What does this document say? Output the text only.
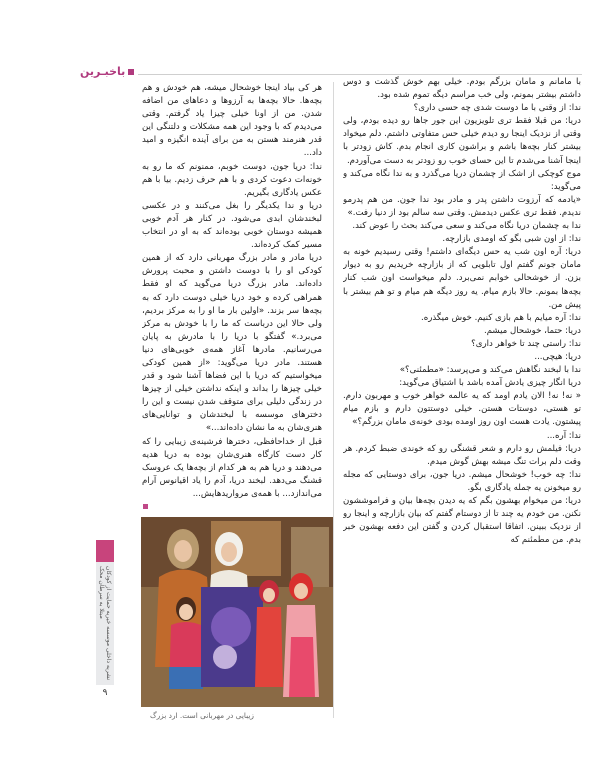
باخبـرین

با مامانم و مامان بزرگم بودم. خیلی بهم خوش گذشت و دوس داشتم بیشتر بمونم، ولی خب مراسم دیگه تموم شده بود.

ندا: از وقتی با ما دوست شدی چه حسی داری؟

دریا: من قبلا فقط تری تلویزیون این جور جاها رو دیده بودم، ولی وقتی از نزدیک اینجا رو دیدم خیلی حس متفاوتی داشتم. دلم میخواد بیشتر کنار بچه‌ها باشم و براشون کاری انجام بدم. کاش زودتر با اینجا آشنا می‌شدم تا این حسای خوب رو زودتر به دست می‌آوردم.

موج کوچکی از اشک از چشمان دریا می‌گذرد و به ندا نگاه می‌کند و می‌گوید:

«یادمه که آرزوت داشتن پدر و مادر بود ندا جون. من هم پدرمو ندیدم. فقط تری عکس دیدمش. وقتی سه سالم بود از دنیا رفت.»

ندا به چشمان دریا نگاه می‌کند و سعی می‌کند بحث را عوض کند.

ندا: از اون شبی بگو که اومدی بازارچه.

دریا: آره اون شب یه حس دیگه‌ای داشتم! وقتی رسیدیم خونه به مامان جونم گفتم اول تابلویی که از بازارچه خریدیم رو به دیوار بزن. از خوشحالی خوابم نمی‌برد. دلم میخواست اون شب کنار بچه‌ها بمونم. حالا بازم میام. یه روز دیگه هم میام و تو هم بیشتر با پیش من.

ندا: آره میایم با هم بازی کنیم. خوش میگذره.

دریا: حتما، خوشحال میشم.

ندا: راستی چند تا خواهر داری؟

دریا: هیچی...

ندا با لبخند نگاهش می‌کند و می‌پرسد: «مطمئنی؟»

دریا انگار چیزی یادش آمده باشد با اشتیاق می‌گوید:

« نه! نه! الان یادم اومد که یه عالمه خواهر خوب و مهربون دارم. تو هستی، دوستات هستن. خیلی دوستتون دارم و بازم میام پیشتون. یادت هست اون روز اومده بودی خونه‌ی مامان بزرگم؟»

ندا: آره...

دریا: فیلمش رو دارم و شعر قشنگی رو که خوندی ضبط کردم. هر وقت دلم برات تنگ میشه بهش گوش میدم.

ندا: چه خوب! خوشحال میشم. دریا جون، برای دوستایی که مجله رو میخونن یه جمله یادگاری بگو.

دریا: من میخوام بهشون بگم که یه دیدن بچه‌ها بیان و فراموششون نکنن. من خودم یه چند تا از دوستام گفتم که بیان بازارچه و اینجا رو از نزدیک ببینن. اتفاقا استقبال کردن و گفتن این دفعه بهشون خبر بدم. من مطمئنم که

هر کی بیاد اینجا خوشحال میشه، هم خودش و هم بچه‌ها. حالا بچه‌ها به آرزوها و دعاهای من اضافه شدن. من از اونا خیلی چیزا یاد گرفتم. وقتی می‌دیدم که با وجود این همه مشکلات و دلتنگی این قدر هنرمند هستن به من برای آینده انگیزه و امید داد...

ندا: دریا جون، دوست خوبم، ممنونم که ما رو به خونه‌ات دعوت کردی و با هم حرف زدیم. بیا با هم عکس یادگاری بگیریم.

دریا و ندا یکدیگر را بغل می‌کنند و در عکسی لبخندشان ابدی می‌شود. در کنار هر آدم خوبی همیشه دوستان خوبی بوده‌اند که به او در انتخاب مسیر کمک کرده‌اند.

دریا مادر و مادر بزرگ مهربانی دارد که از همین کودکی او را با دوست داشتن و محبت پرورش داده‌اند. مادر بزرگ دریا می‌گوید که او فقط همراهی کرده و خود دریا خیلی دوست دارد که به بچه‌ها سر بزند. «اولین بار ما او را به مرکز بردیم، ولی حالا این درباست که ما را با خودش به مرکز می‌برد.» گفتگو با دریا را با مادرش به پایان می‌رسانیم. مادرها آغاز همه‌ی خوبی‌های دنیا هستند. مادر دریا می‌گوید: «از همین کودکی میخواستیم که دریا با این فضاها آشنا شود و قدر خیلی چیزها را بداند و اینکه نداشتن خیلی از چیزها در زندگی دلیلی برای متوقف شدن نیست و این را دخترهای موسسه با لبخندشان و توانایی‌های هنری‌شان به ما نشان داده‌اند...»

قبل از خداحافظی، دخترها فرشینه‌ی زیبایی را که کار دست کارگاه هنری‌شان بوده به دریا هدیه می‌دهند و دریا هم به هر کدام از بچه‌ها یک عروسک قشنگ می‌دهد. لبخند دریا، آدم را یاد اقیانوس آرام می‌اندازد... با همه‌ی مرواریدهایش...

زیبایی در مهربانی است. ارد بزرگ
نشریه داخلی موسسه خیریه حمایت از کودکان مبتلا به سرطان محک
۹
